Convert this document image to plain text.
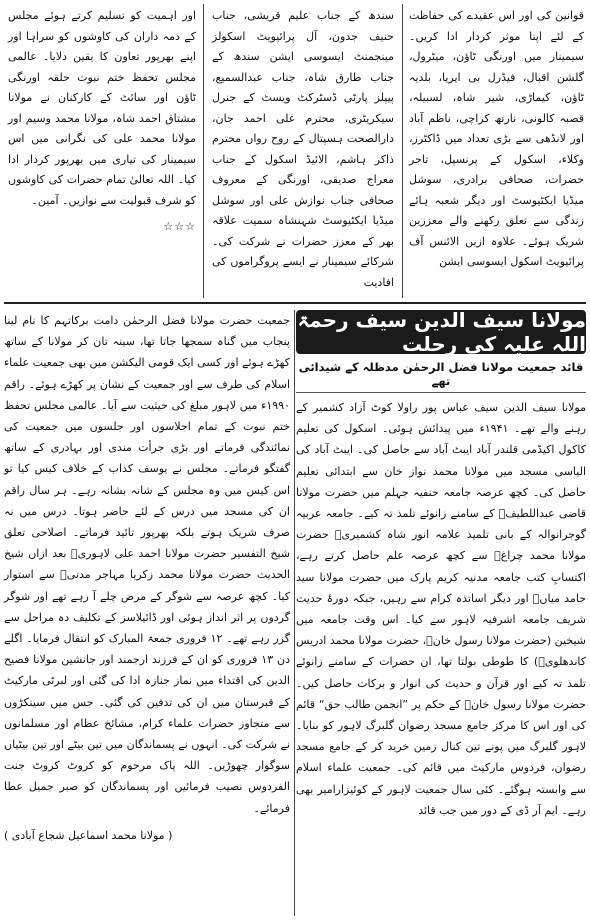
قوانین کی اور اس عقیدے کی حفاظت کے لئے اپنا موثر کردار ادا کریں۔ سیمینار میں اورنگی ٹاؤن، میٹرول، گلشن اقبال، فیڈرل بی ایریا، بلدیہ ٹاؤن، کیماڑی، شیر شاہ، لسبیلہ، قصبہ کالونی، نارتھ کراچی، ناظم آباد اور لانڈھی سے بڑی تعداد میں ڈاکٹرز، وکلاء، اسکول کے پرنسپل، تاجر حضرات، صحافی برادری، سوشل میڈیا ایکٹیوسٹ اور دیگر شعبہ ہائے زندگی سے تعلق رکھنے والے معززین شریک ہوئے۔ علاوہ ازیں الائنس آف پرائیویٹ اسکول ایسوسی ایشن

سندھ کے جناب علیم قریشی، جناب حنیف جدون، آل پرائیویٹ اسکولز مینجمنٹ ایسوسی ایشن سندھ کے جناب طارق شاہ، جناب عبدالسمیع، پیپلز پارٹی ڈسٹرکٹ ویسٹ کے جنرل سیکریٹری، محترم علی احمد جان، دارالصحت ہسپتال کے روح رواں محترم ذاکر ہاشم، الائیڈ اسکول کے جناب معراج صدیقی، اورنگی کے معروف صحافی جناب نوازش علی اور سوشل میڈیا ایکٹیوسٹ شہنشاہ سمیت علاقہ بھر کے معزز حضرات نے شرکت کی۔ شرکائے سیمینار نے ایسے پروگراموں کی افادیت

اور اہمیت کو تسلیم کرتے ہوئے مجلس کے ذمہ داران کی کاوشوں کو سراہا اور اپنے بھرپور تعاون کا یقین دلایا۔ عالمی مجلس تحفظ ختم نبوت حلقہ اورنگی ٹاؤن اور سائٹ کے کارکنان نے مولانا مشتاق احمد شاہ، مولانا محمد وسیم اور مولانا محمد علی کی نگرانی میں اس سیمینار کی تیاری میں بھرپور کردار ادا کیا۔ اللہ تعالیٰ تمام حضرات کی کاوشوں کو شرف قبولیت سے نوازیں۔ آمین۔

☆☆☆
مولانا سیف الدین سیف رحمۃ اللہ علیہ کی رحلت
قائد جمعیت مولانا فضل الرحمٰن مدظلہ کے شیدائی تھے
مولانا سیف الدین سیف عباس پور راولا کوٹ آزاد کشمیر کے رہنے والے تھے۔ ۱۹۴۱ء میں پیدائش ہوئی۔ اسکول کی تعلیم کاکول اکیڈمی قلندر آباد ایبٹ آباد سے حاصل کی۔ ایبٹ آباد کی الیاسی مسجد میں مولانا محمد نواز خان سے ابتدائی تعلیم حاصل کی۔ کچھ عرصہ جامعہ حنفیہ جہلم میں حضرت مولانا قاضی عبداللطیفؒ کے سامنے زانوئے تلمذ تہ کیے۔ جامعہ عربیہ گوجرانوالہ کے بانی تلمیذ علامہ انور شاہ کشمیریؒ حضرت مولانا محمد چراغؒ سے کچھ عرصہ علم حاصل کرتے رہے، اکتسابِ کتب جامعہ مدنیہ کریم پارک میں حضرت مولانا سید حامد میاںؒ اور دیگر اساتذہ کرام سے رہیں، جبکہ دورۂ حدیث شریف جامعہ اشرفیہ لاہور سے کیا۔ اس وقت جامعہ میں شیخین (حضرت مولانا رسول خانؒ، حضرت مولانا محمد ادریس کاندھلویؒ) کا طوطی بولتا تھا، ان حضرات کے سامنے زانوئے تلمذ تہ کیے اور قرآن و حدیث کی انوار و برکات حاصل کیں۔ حضرت مولانا رسول خانؒ کے حکم پر ”انجمن طالب حق“ قائم کی اور اس کا مرکز جامع مسجد رضوان گلبرگ لاہور کو بنایا۔ لاہور گلبرگ میں پونے تین کنال زمین خرید کر کے جامع مسجد رضوان، فردوس مارکیٹ میں قائم کی۔ جمعیت علماء اسلام سے وابستہ ہوگئے۔ کئی سال جمعیت لاہور کے کوئیزارامیر بھی رہے۔ ایم آر ڈی کے دور میں جب قائد
جمعیت حضرت مولانا فضل الرحمٰن دامت برکاتہم کا نام لینا پنجاب میں گناہ سمجھا جاتا تھا، سینہ تان کر مولانا کے ساتھ کھڑے ہوئے اور کسی ایک قومی الیکشن میں بھی جمعیت علماء اسلام کی طرف سے اور جمعیت کے نشان پر کھڑے ہوئے۔ راقم ۱۹۹۰ء میں لاہور مبلغ کی حیثیت سے آیا۔ عالمی مجلس تحفظ ختم نبوت کے تمام اجلاسوں اور جلسوں میں جمعیت کی نمائندگی فرماتے اور بڑی جرأت مندی اور بہادری کے ساتھ گفتگو فرماتے۔ مجلس نے یوسف کذاب کے خلاف کیس کیا تو اس کیس میں وہ مجلس کے شانہ بشانہ رہے۔ ہر سال راقم ان کی مسجد میں درس کے لئے حاضر ہوتا۔ درس میں نہ صرف شریک ہوتے بلکہ بھرپور تائید فرماتے۔ اصلاحی تعلق شیخ التفسیر حضرت مولانا احمد علی لاہوریؒ بعد ازاں شیخ الحدیث حضرت مولانا محمد زکریا مہاجر مدنیؒ سے استوار کیا۔ کچھ عرصہ سے شوگر کے مرض چلے آ رہے تھے اور شوگر گردوں پر اثر انداز ہوئی اور ڈائیلاسز کے تکلیف دہ مراحل سے گزر رہے تھے۔ ۱۲ فروری جمعۃ المبارک کو انتقال فرمایا۔ اگلے دن ۱۳ فروری کو ان کے فرزند ارجمند اور جانشین مولانا فصیح الدین کی اقتداء میں نماز جنازہ ادا کی گئی اور لبرٹی مارکیٹ کے قبرستان میں ان کی تدفین کی گئی۔ جس میں سینکڑوں سے متجاوز حضرات علماء کرام، مشائخ عظام اور مسلمانوں نے شرکت کی۔ انہوں نے پسماندگان میں تین بیٹے اور تین بیٹیاں سوگوار چھوڑیں۔ اللہ پاک مرحوم کو کروٹ کروٹ جنت الفردوس نصیب فرمائیں اور پسماندگان کو صبر جمیل عطا فرمائے۔
( مولانا محمد اسماعیل شجاع آبادی )
